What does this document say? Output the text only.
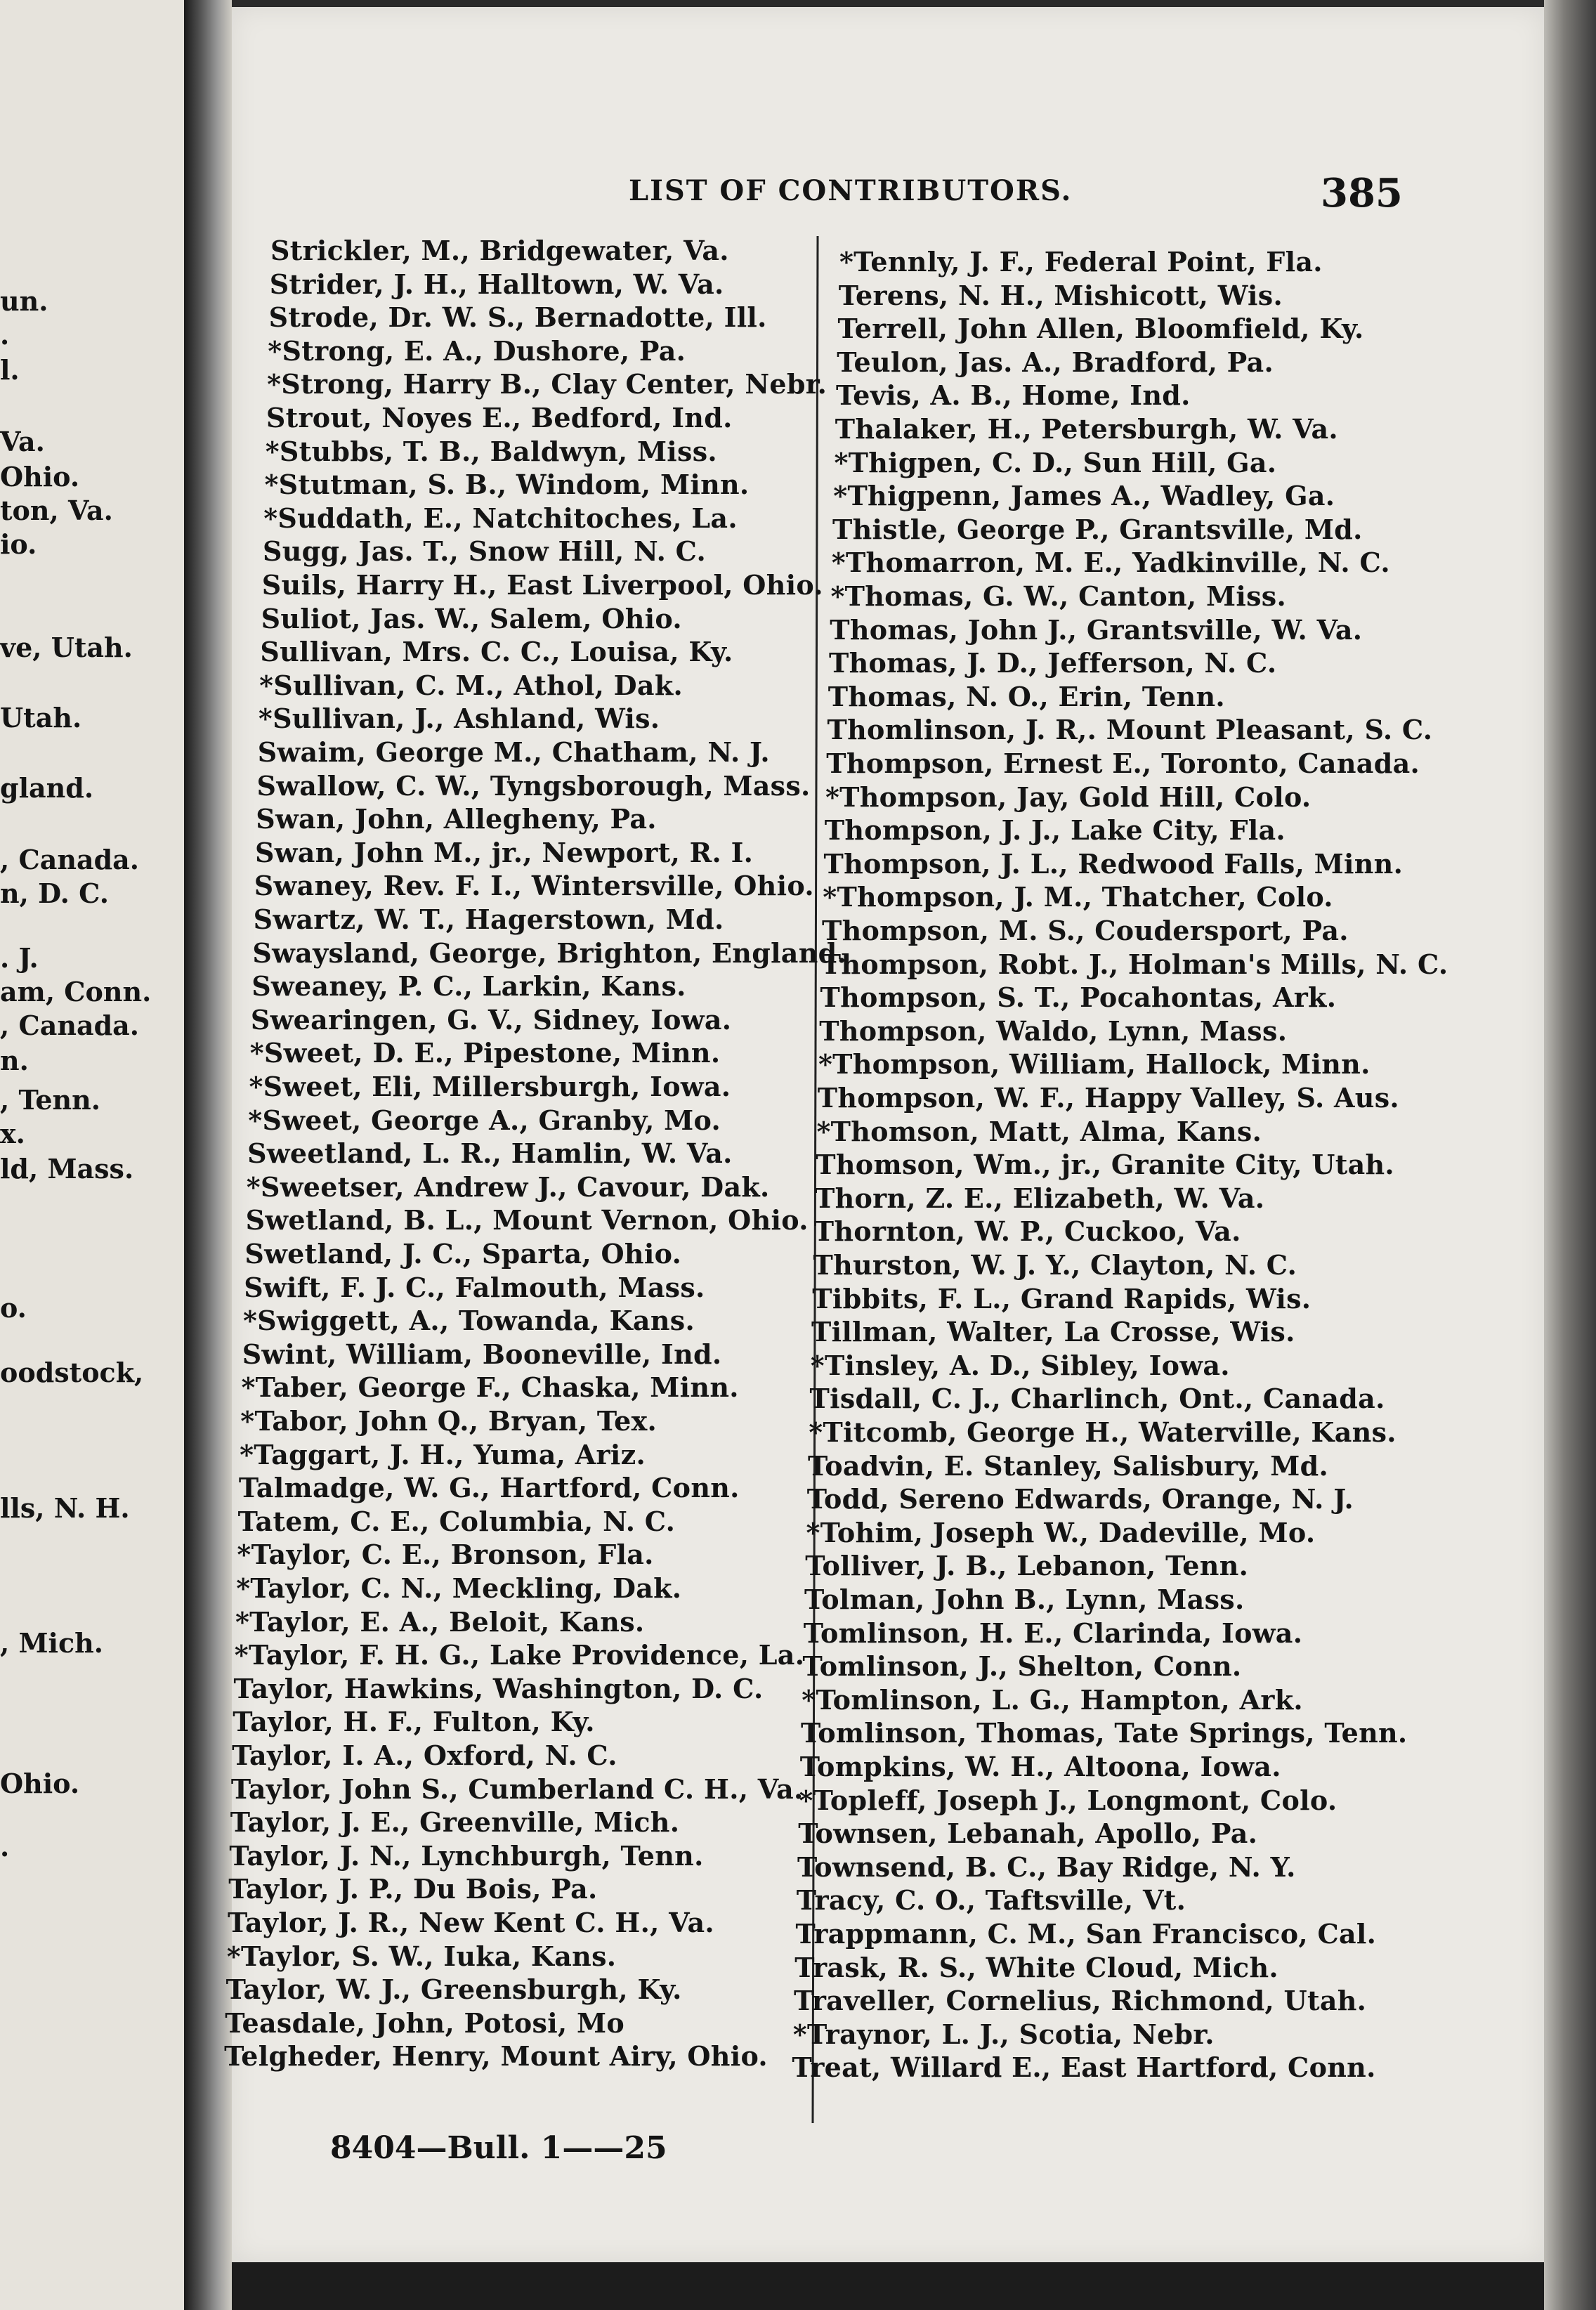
LIST OF CONTRIBUTORS.	385
8404—Bull. 1——25
Strickler, M., Bridgewater, Va.
Strider, J. H., Halltown, W. Va.
Strode, Dr. W. S., Bernadotte, Ill.
*Strong, E. A., Dushore, Pa.
*Strong, Harry B., Clay Center, Nebr.
Strout, Noyes E., Bedford, Ind.
*Stubbs, T. B., Baldwyn, Miss.
*Stutman, S. B., Windom, Minn.
*Suddath, E., Natchitoches, La.
Sugg, Jas. T., Snow Hill, N. C.
Suils, Harry H., East Liverpool, Ohio.
Suliot, Jas. W., Salem, Ohio.
Sullivan, Mrs. C. C., Louisa, Ky.
*Sullivan, C. M., Athol, Dak.
*Sullivan, J., Ashland, Wis.
Swaim, George M., Chatham, N. J.
Swallow, C. W., Tyngsborough, Mass.
Swan, John, Allegheny, Pa.
Swan, John M., jr., Newport, R. I.
Swaney, Rev. F. I., Wintersville, Ohio.
Swartz, W. T., Hagerstown, Md.
Swaysland, George, Brighton, England.
Sweaney, P. C., Larkin, Kans.
Swearingen, G. V., Sidney, Iowa.
*Sweet, D. E., Pipestone, Minn.
*Sweet, Eli, Millersburgh, Iowa.
*Sweet, George A., Granby, Mo.
Sweetland, L. R., Hamlin, W. Va.
*Sweetser, Andrew J., Cavour, Dak.
Swetland, B. L., Mount Vernon, Ohio.
Swetland, J. C., Sparta, Ohio.
Swift, F. J. C., Falmouth, Mass.
*Swiggett, A., Towanda, Kans.
Swint, William, Booneville, Ind.
*Taber, George F., Chaska, Minn.
*Tabor, John Q., Bryan, Tex.
*Taggart, J. H., Yuma, Ariz.
Talmadge, W. G., Hartford, Conn.
Tatem, C. E., Columbia, N. C.
*Taylor, C. E., Bronson, Fla.
*Taylor, C. N., Meckling, Dak.
*Taylor, E. A., Beloit, Kans.
*Taylor, F. H. G., Lake Providence, La.
Taylor, Hawkins, Washington, D. C.
Taylor, H. F., Fulton, Ky.
Taylor, I. A., Oxford, N. C.
Taylor, John S., Cumberland C. H., Va.
Taylor, J. E., Greenville, Mich.
Taylor, J. N., Lynchburgh, Tenn.
Taylor, J. P., Du Bois, Pa.
Taylor, J. R., New Kent C. H., Va.
*Taylor, S. W., Iuka, Kans.
Taylor, W. J., Greensburgh, Ky.
Teasdale, John, Potosi, Mo
Telgheder, Henry, Mount Airy, Ohio.
*Tennly, J. F., Federal Point, Fla.
Terens, N. H., Mishicott, Wis.
Terrell, John Allen, Bloomfield, Ky.
Teulon, Jas. A., Bradford, Pa.
Tevis, A. B., Home, Ind.
Thalaker, H., Petersburgh, W. Va.
*Thigpen, C. D., Sun Hill, Ga.
*Thigpenn, James A., Wadley, Ga.
Thistle, George P., Grantsville, Md.
*Thomarron, M. E., Yadkinville, N. C.
*Thomas, G. W., Canton, Miss.
Thomas, John J., Grantsville, W. Va.
Thomas, J. D., Jefferson, N. C.
Thomas, N. O., Erin, Tenn.
Thomlinson, J. R,. Mount Pleasant, S. C.
Thompson, Ernest E., Toronto, Canada.
*Thompson, Jay, Gold Hill, Colo.
Thompson, J. J., Lake City, Fla.
Thompson, J. L., Redwood Falls, Minn.
*Thompson, J. M., Thatcher, Colo.
Thompson, M. S., Coudersport, Pa.
Thompson, Robt. J., Holman's Mills, N. C.
Thompson, S. T., Pocahontas, Ark.
Thompson, Waldo, Lynn, Mass.
*Thompson, William, Hallock, Minn.
Thompson, W. F., Happy Valley, S. Aus.
*Thomson, Matt, Alma, Kans.
Thomson, Wm., jr., Granite City, Utah.
Thorn, Z. E., Elizabeth, W. Va.
Thornton, W. P., Cuckoo, Va.
Thurston, W. J. Y., Clayton, N. C.
Tibbits, F. L., Grand Rapids, Wis.
Tillman, Walter, La Crosse, Wis.
*Tinsley, A. D., Sibley, Iowa.
Tisdall, C. J., Charlinch, Ont., Canada.
*Titcomb, George H., Waterville, Kans.
Toadvin, E. Stanley, Salisbury, Md.
Todd, Sereno Edwards, Orange, N. J.
*Tohim, Joseph W., Dadeville, Mo.
Tolliver, J. B., Lebanon, Tenn.
Tolman, John B., Lynn, Mass.
Tomlinson, H. E., Clarinda, Iowa.
Tomlinson, J., Shelton, Conn.
*Tomlinson, L. G., Hampton, Ark.
Tomlinson, Thomas, Tate Springs, Tenn.
Tompkins, W. H., Altoona, Iowa.
*Topleff, Joseph J., Longmont, Colo.
Townsen, Lebanah, Apollo, Pa.
Townsend, B. C., Bay Ridge, N. Y.
Tracy, C. O., Taftsville, Vt.
Trappmann, C. M., San Francisco, Cal.
Trask, R. S., White Cloud, Mich.
Traveller, Cornelius, Richmond, Utah.
*Traynor, L. J., Scotia, Nebr.
Treat, Willard E., East Hartford, Conn.
un.
.
l.
Va.
Ohio.
ton, Va.
io.
ve, Utah.
Utah.
gland.
, Canada.
n, D. C.
. J.
am, Conn.
, Canada.
n.
, Tenn.
x.
ld, Mass.
o.
oodstock,
lls, N. H.
, Mich.
Ohio.
.
